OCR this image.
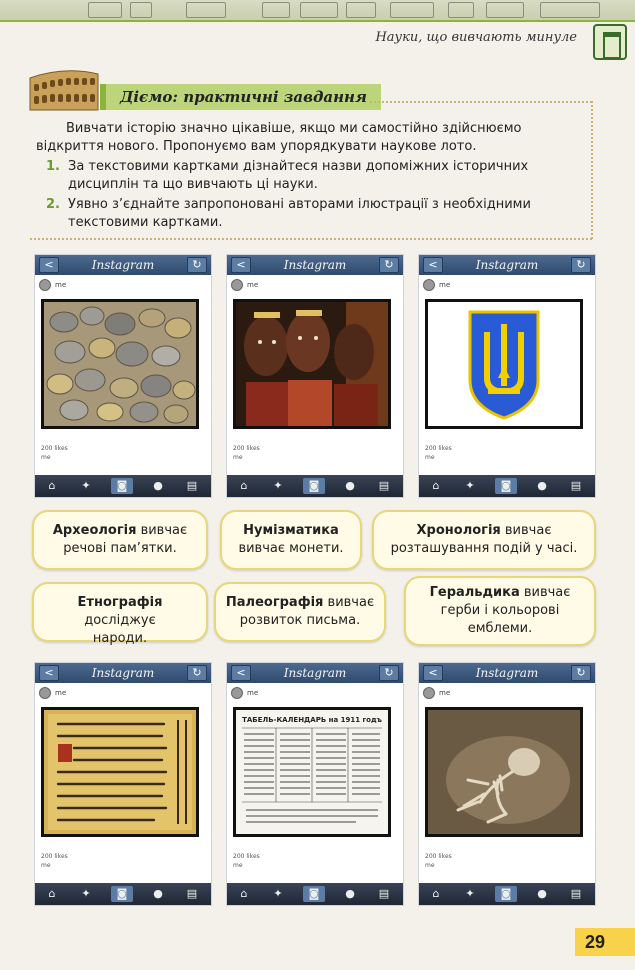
Науки, що вивчають минуле
Дiємо: практичні завдання

Вивчати історію значно цікавіше, якщо ми самостійно здійснюємо відкриття нового. Пропонуємо вам упорядкувати наукове лото.

1. За текстовими картками дізнайтеся назви допоміжних історичних дисциплін та що вивчають ці науки.
2. Уявно з’єднайте запропоновані авторами ілюстрації з необхідними текстовими картками.
<	Instagram	↻
me
200 likes
me
⌂	✦	◙	●	▤
<	Instagram	↻
me
200 likes
me
⌂	✦	◙	●	▤
<	Instagram	↻
me
200 likes
me
⌂	✦	◙	●	▤
Археологія вивчає речові пам’ятки.
Нумізматика вивчає монети.
Хронологія вивчає розташування подій у часі.
Етнографія досліджує народи.
Палеографія вивчає розвиток письма.
Геральдика вивчає герби і кольорові емблеми.
<	Instagram	↻
me
200 likes
me
⌂	✦	◙	●	▤
<	Instagram	↻
me
ТАБЕЛЬ-КАЛЕНДАРЬ на 1911 годъ
200 likes
me
⌂	✦	◙	●	▤
<	Instagram	↻
me
200 likes
me
⌂	✦	◙	●	▤
29
